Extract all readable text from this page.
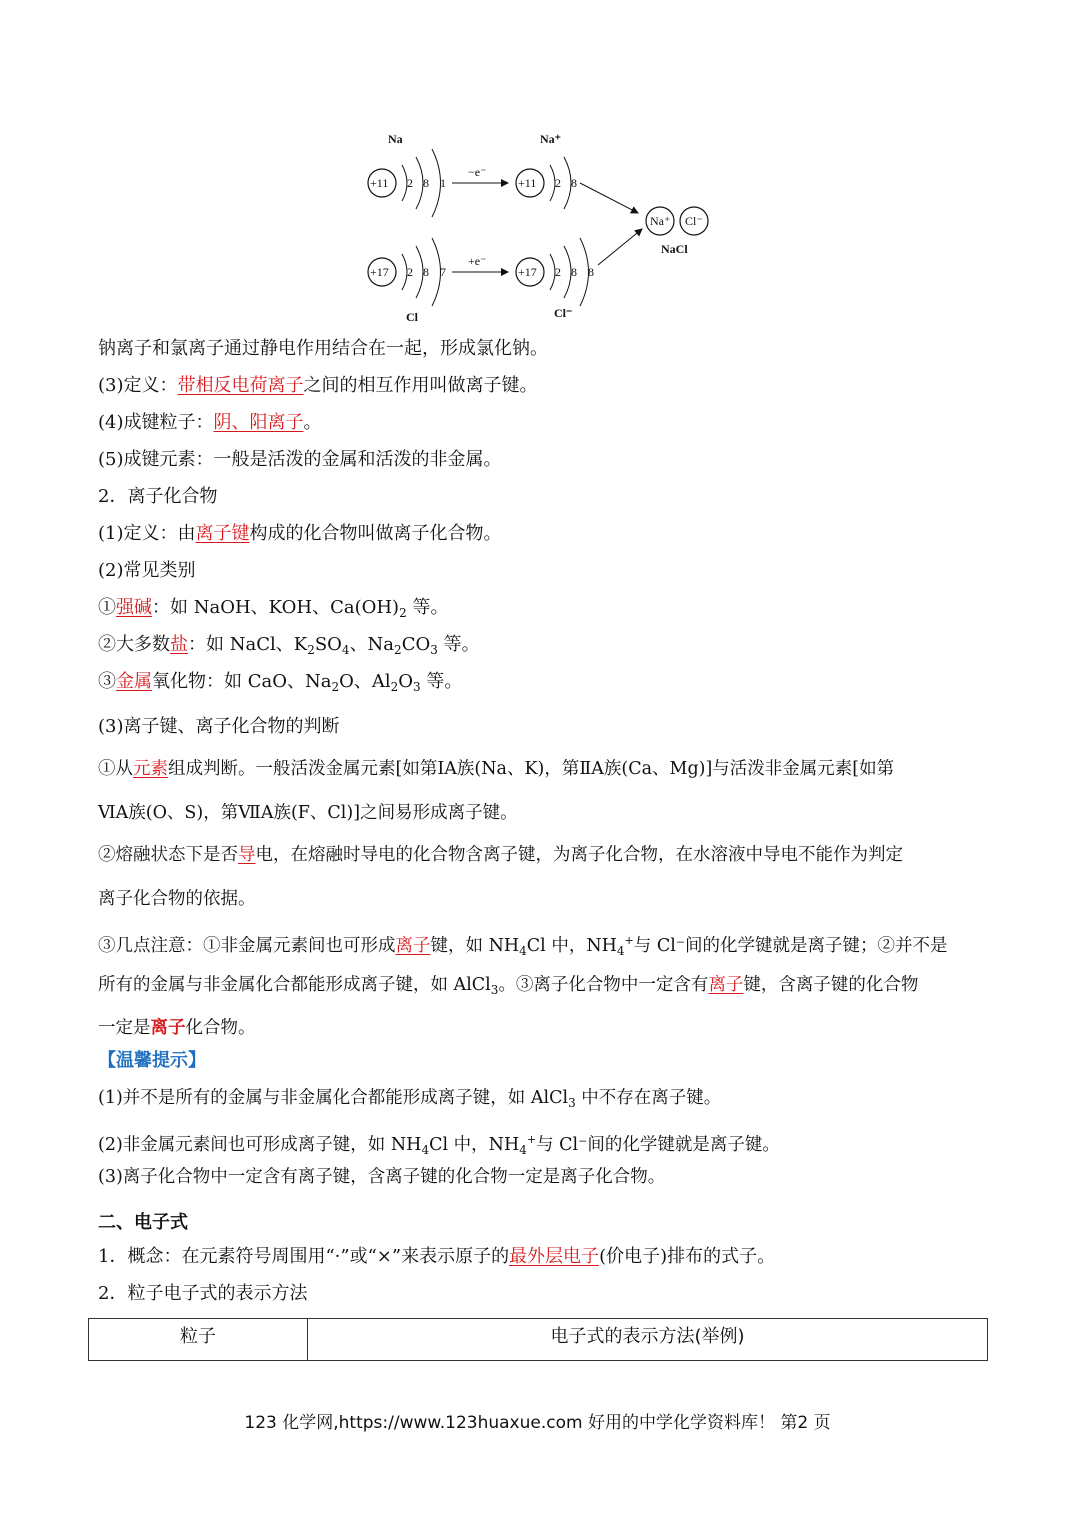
Na
+11 2 8 1
−e⁻
Na⁺
+11 2 8
Na⁺ Cl⁻
NaCl
+17 2 8 7
Cl
+e⁻
+17 2 8 8
Cl⁻
钠离子和氯离子通过静电作用结合在一起，形成氯化钠。
(3)定义：带相反电荷离子之间的相互作用叫做离子键。
(4)成键粒子：阴、阳离子。
(5)成键元素：一般是活泼的金属和活泼的非金属。
2．离子化合物
(1)定义：由离子键构成的化合物叫做离子化合物。
(2)常见类别
①强碱：如 NaOH、KOH、$Ca(OH)_2$ 等。
②大多数盐：如 NaCl、$K_2SO_4$、$Na_2CO_3$ 等。
③金属氧化物：如 CaO、$Na_2O$、$Al_2O_3$ 等。
(3)离子键、离子化合物的判断
①从元素组成判断。一般活泼金属元素[如第ⅠA族(Na、K)，第ⅡA族(Ca、Mg)]与活泼非金属元素[如第
ⅥA族(O、S)，第ⅦA族(F、Cl)]之间易形成离子键。
②熔融状态下是否导电，在熔融时导电的化合物含离子键，为离子化合物，在水溶液中导电不能作为判定
离子化合物的依据。
③几点注意：①非金属元素间也可形成离子键，如 $NH_4Cl$ 中，$NH_4^+$与 Cl⁻间的化学键就是离子键；②并不是
所有的金属与非金属化合都能形成离子键，如 AlCl$_3$。③离子化合物中一定含有离子键，含离子键的化合物
一定是离子化合物。
【温馨提示】
(1)并不是所有的金属与非金属化合都能形成离子键，如 AlCl$_3$ 中不存在离子键。
(2)非金属元素间也可形成离子键，如 $NH_4Cl$ 中，$NH_4^+$与 Cl⁻间的化学键就是离子键。
(3)离子化合物中一定含有离子键，含离子键的化合物一定是离子化合物。
二、电子式
1．概念：在元素符号周围用“·”或“×”来表示原子的最外层电子(价电子)排布的式子。
2．粒子电子式的表示方法
粒子	电子式的表示方法(举例)
123 化学网,https://www.123huaxue.com 好用的中学化学资料库！ 第2 页
